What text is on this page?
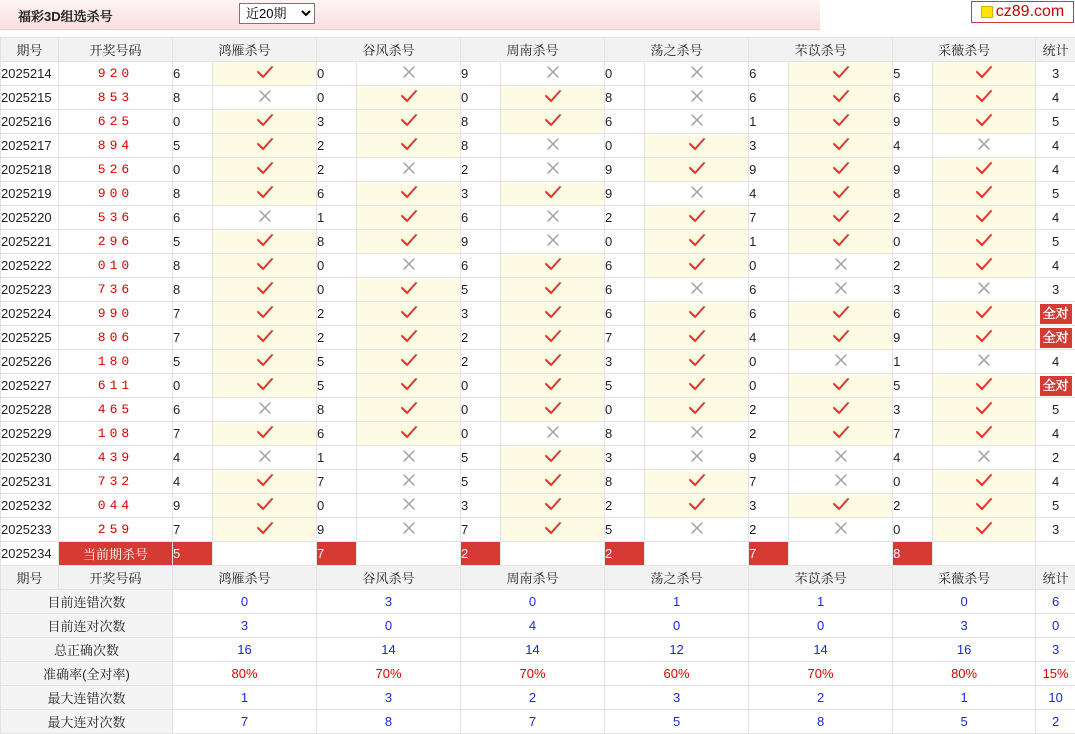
福彩3D组选杀号
近20期	cz89.com
期号	开奖号码	鸿雁杀号		谷风杀号		周南杀号		荡之杀号		芣苡杀号		采薇杀号		统计
2025214	920	6		0		9		0		6		5		3
2025215	853	8		0		0		8		6		6		4
2025216	625	0		3		8		6		1		9		5
2025217	894	5		2		8		0		3		4		4
2025218	526	0		2		2		9		9		9		4
2025219	900	8		6		3		9		4		8		5
2025220	536	6		1		6		2		7		2		4
2025221	296	5		8		9		0		1		0		5
2025222	010	8		0		6		6		0		2		4
2025223	736	8		0		5		6		6		3		3
2025224	990	7		2		3		6		6		6		全对
2025225	806	7		2		2		7		4		9		全对
2025226	180	5		5		2		3		0		1		4
2025227	611	0		5		0		5		0		5		全对
2025228	465	6		8		0		0		2		3		5
2025229	108	7		6		0		8		2		7		4
2025230	439	4		1		5		3		9		4		2
2025231	732	4		7		5		8		7		0		4
2025232	044	9		0		3		2		3		2		5
2025233	259	7		9		7		5		2		0		3
2025234	当前期杀号	5		7		2		2		7		8		
期号	开奖号码	鸿雁杀号		谷风杀号		周南杀号		荡之杀号		芣苡杀号		采薇杀号		统计
目前连错次数		0		3		0		1		1		0		6
目前连对次数		3		0		4		0		0		3		0
总正确次数		16		14		14		12		14		16		3
准确率(全对率)		80%		70%		70%		60%		70%		80%		15%
最大连错次数		1		3		2		3		2		1		10
最大连对次数		7		8		7		5		8		5		2
